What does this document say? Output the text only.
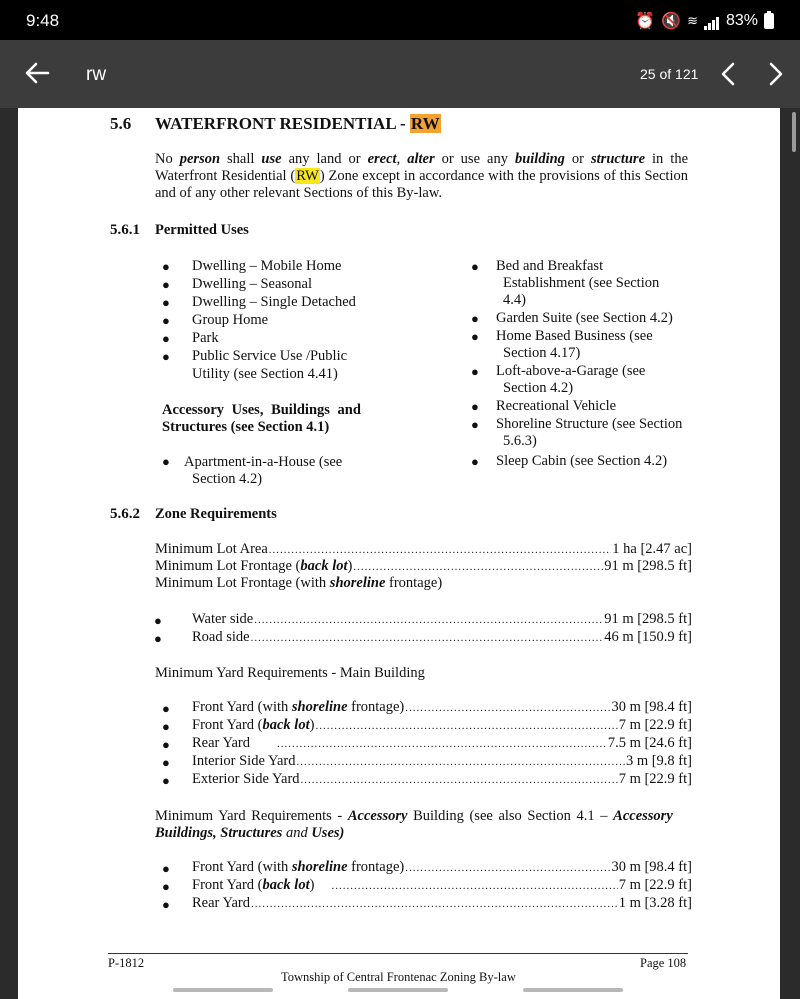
9:48	⏰ 🔇 ≋ 83%
rw	25 of 121
5.6 WATERFRONT RESIDENTIAL - RW

No person shall use any land or erect, alter or use any building or structure in the Waterfront Residential (RW) Zone except in accordance with the provisions of this Section and of any other relevant Sections of this By-law.

5.6.1 Permitted Uses
● Dwelling – Mobile Home
● Dwelling – Seasonal
● Dwelling – Single Detached
● Group Home
● Park
● Public Service Use /Public
Utility (see Section 4.41)
Accessory Uses, Buildings and
Structures (see Section 4.1)
● Apartment-in-a-House (see
Section 4.2)
● Bed and Breakfast
Establishment (see Section
4.4)
● Garden Suite (see Section 4.2)
● Home Based Business (see
Section 4.17)
● Loft-above-a-Garage (see
Section 4.2)
● Recreational Vehicle
● Shoreline Structure (see Section
5.6.3)
● Sleep Cabin (see Section 4.2)
5.6.2 Zone Requirements
Minimum Lot Area .....	1 ha [2.47 ac]
Minimum Lot Frontage (back lot) .....	91 m [298.5 ft]
Minimum Lot Frontage (with shoreline frontage)
● Water side .....	91 m [298.5 ft]
● Road side .....	46 m [150.9 ft]
Minimum Yard Requirements - Main Building
● Front Yard (with shoreline frontage) .....	30 m [98.4 ft]
● Front Yard (back lot) .....	7 m [22.9 ft]
● Rear Yard .....	7.5 m [24.6 ft]
● Interior Side Yard .....	3 m [9.8 ft]
● Exterior Side Yard .....	7 m [22.9 ft]
Minimum Yard Requirements - Accessory Building (see also Section 4.1 – Accessory
Buildings, Structures and Uses)
● Front Yard (with shoreline frontage) .....	30 m [98.4 ft]
● Front Yard (back lot) .....	7 m [22.9 ft]
● Rear Yard .....	1 m [3.28 ft]
P-1812	Page 108
Township of Central Frontenac Zoning By-law
